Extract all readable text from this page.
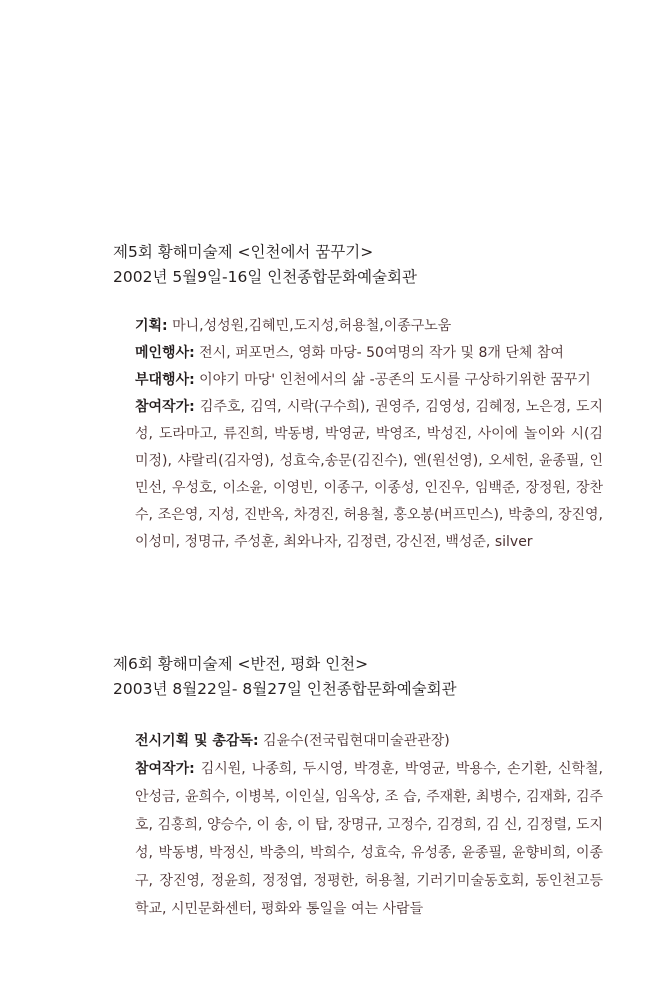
제5회 황해미술제 <인천에서 꿈꾸기>
2002년 5월9일-16일 인천종합문화예술회관
기획: 마니,성성원,김혜민,도지성,허용철,이종구노움
메인행사: 전시, 퍼포먼스, 영화 마당- 50여명의 작가 및 8개 단체 참여
부대행사: 이야기 마당' 인천에서의 삶 -공존의 도시를 구상하기위한 꿈꾸기
참여작가: 김주호, 김역, 시락(구수희), 권영주, 김영성, 김혜정, 노은경, 도지성, 도라마고, 류진희, 박동병, 박영균, 박영조, 박성진, 사이에 놀이와 시(김미정), 샤랄리(김자영), 성효숙,송문(김진수), 엔(원선영), 오세헌, 윤종필, 인민선, 우성호, 이소윤, 이영빈, 이종구, 이종성, 인진우, 임백준, 장정원, 장찬수, 조은영, 지성, 진반옥, 차경진, 허용철, 홍오봉(버프민스), 박충의, 장진영, 이성미, 정명규, 주성훈, 최와나자, 김정련, 강신전, 백성준, silver
제6회 황해미술제 <반전, 평화 인천>
2003년 8월22일- 8월27일 인천종합문화예술회관
전시기획 및 총감독: 김윤수(전국립현대미술관관장)
참여작가: 김시원, 나종희, 두시영, 박경훈, 박영균, 박용수, 손기환, 신학철, 안성금, 윤희수, 이병복, 이인실, 임옥상, 조 습, 주재환, 최병수, 김재화, 김주호, 김홍희, 양승수, 이 송, 이 탑, 장명규, 고정수, 김경희, 김 신, 김정렬, 도지성, 박동병, 박정신, 박충의, 박희수, 성효숙, 유성종, 윤종필, 윤향비희, 이종구, 장진영, 정윤희, 정정엽, 정평한, 허용철, 기러기미술동호회, 동인천고등학교, 시민문화센터, 평화와 통일을 여는 사람들
